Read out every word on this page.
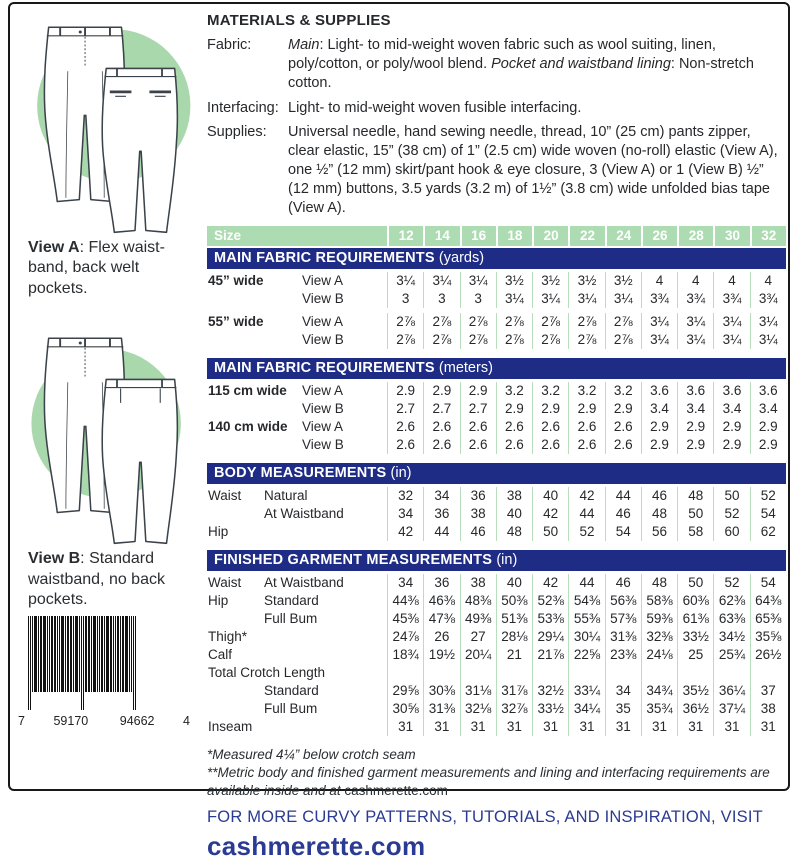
View A: Flex waist-band, back welt pockets.
View B: Standard waistband, no back pockets.
7 59170	94662 4
MATERIALS & SUPPLIES
Fabric:	Main: Light- to mid-weight woven fabric such as wool suiting, linen, poly/cotton, or poly/wool blend. Pocket and waistband lining: Non-stretch cotton.
Interfacing: Light- to mid-weight woven fusible interfacing.
Supplies:	Universal needle, hand sewing needle, thread, 10” (25 cm) pants zipper, clear elastic, 15” (38 cm) of 1” (2.5 cm) wide woven (no-roll) elastic (View A), one ½” (12 mm) skirt/pant hook & eye closure, 3 (View A) or 1 (View B) ½” (12 mm) buttons, 3.5 yards (3.2 m) of 1½” (3.8 cm) wide unfolded bias tape (View A).
Size	12	14	16	18	20	22	24	26	28	30	32
MAIN FABRIC REQUIREMENTS (yards)
45” wide	View A	3¼	3¼	3¼	3½	3½	3½	3½	4	4	4	4
View B	3	3	3	3¼	3¼	3¼	3¼	3¾	3¾	3¾	3¾
55” wide	View A	2⅞	2⅞	2⅞	2⅞	2⅞	2⅞	2⅞	3¼	3¼	3¼	3¼
View B	2⅞	2⅞	2⅞	2⅞	2⅞	2⅞	2⅞	3¼	3¼	3¼	3¼
MAIN FABRIC REQUIREMENTS (meters)
115 cm wide View A	2.9	2.9	2.9	3.2	3.2	3.2	3.2	3.6	3.6	3.6	3.6
View B	2.7	2.7	2.7	2.9	2.9	2.9	2.9	3.4	3.4	3.4	3.4
140 cm wide View A	2.6	2.6	2.6	2.6	2.6	2.6	2.6	2.9	2.9	2.9	2.9
View B	2.6	2.6	2.6	2.6	2.6	2.6	2.6	2.9	2.9	2.9	2.9
BODY MEASUREMENTS (in)
Waist Natural	32	34	36	38	40	42	44	46	48	50	52
At Waistband	34	36	38	40	42	44	46	48	50	52	54
Hip	42	44	46	48	50	52	54	56	58	60	62
FINISHED GARMENT MEASUREMENTS (in)
Waist At Waistband	34	36	38	40	42	44	46	48	50	52	54
Hip	Standard	44⅜ 46⅜ 48⅜ 50⅜ 52⅜ 54⅜ 56⅜ 58⅜ 60⅜ 62⅜ 64⅜
Full Bum	45⅜ 47⅜ 49⅜ 51⅜ 53⅜ 55⅜ 57⅜ 59⅜ 61⅜ 63⅜ 65⅜
Thigh*	24⅞	26	27	28⅛ 29¼ 30¼ 31⅜ 32⅜ 33½ 34½ 35⅝
Calf	18¾ 19½ 20¼	21	21⅞ 22⅝ 23⅜ 24⅛	25	25¾ 26½
Total Crotch Length
Standard	29⅝ 30⅜ 31⅛ 31⅞ 32½ 33¼	34	34¾ 35½ 36¼	37
Full Bum	30⅝ 31⅜ 32⅛ 32⅞ 33½ 34¼	35	35¾ 36½ 37¼	38
Inseam	31	31	31	31	31	31	31	31	31	31	31
*Measured 4¼” below crotch seam
**Metric body and finished garment measurements and lining and interfacing requirements are available inside and at cashmerette.com
FOR MORE CURVY PATTERNS, TUTORIALS, AND INSPIRATION, VISIT
cashmerette.com
